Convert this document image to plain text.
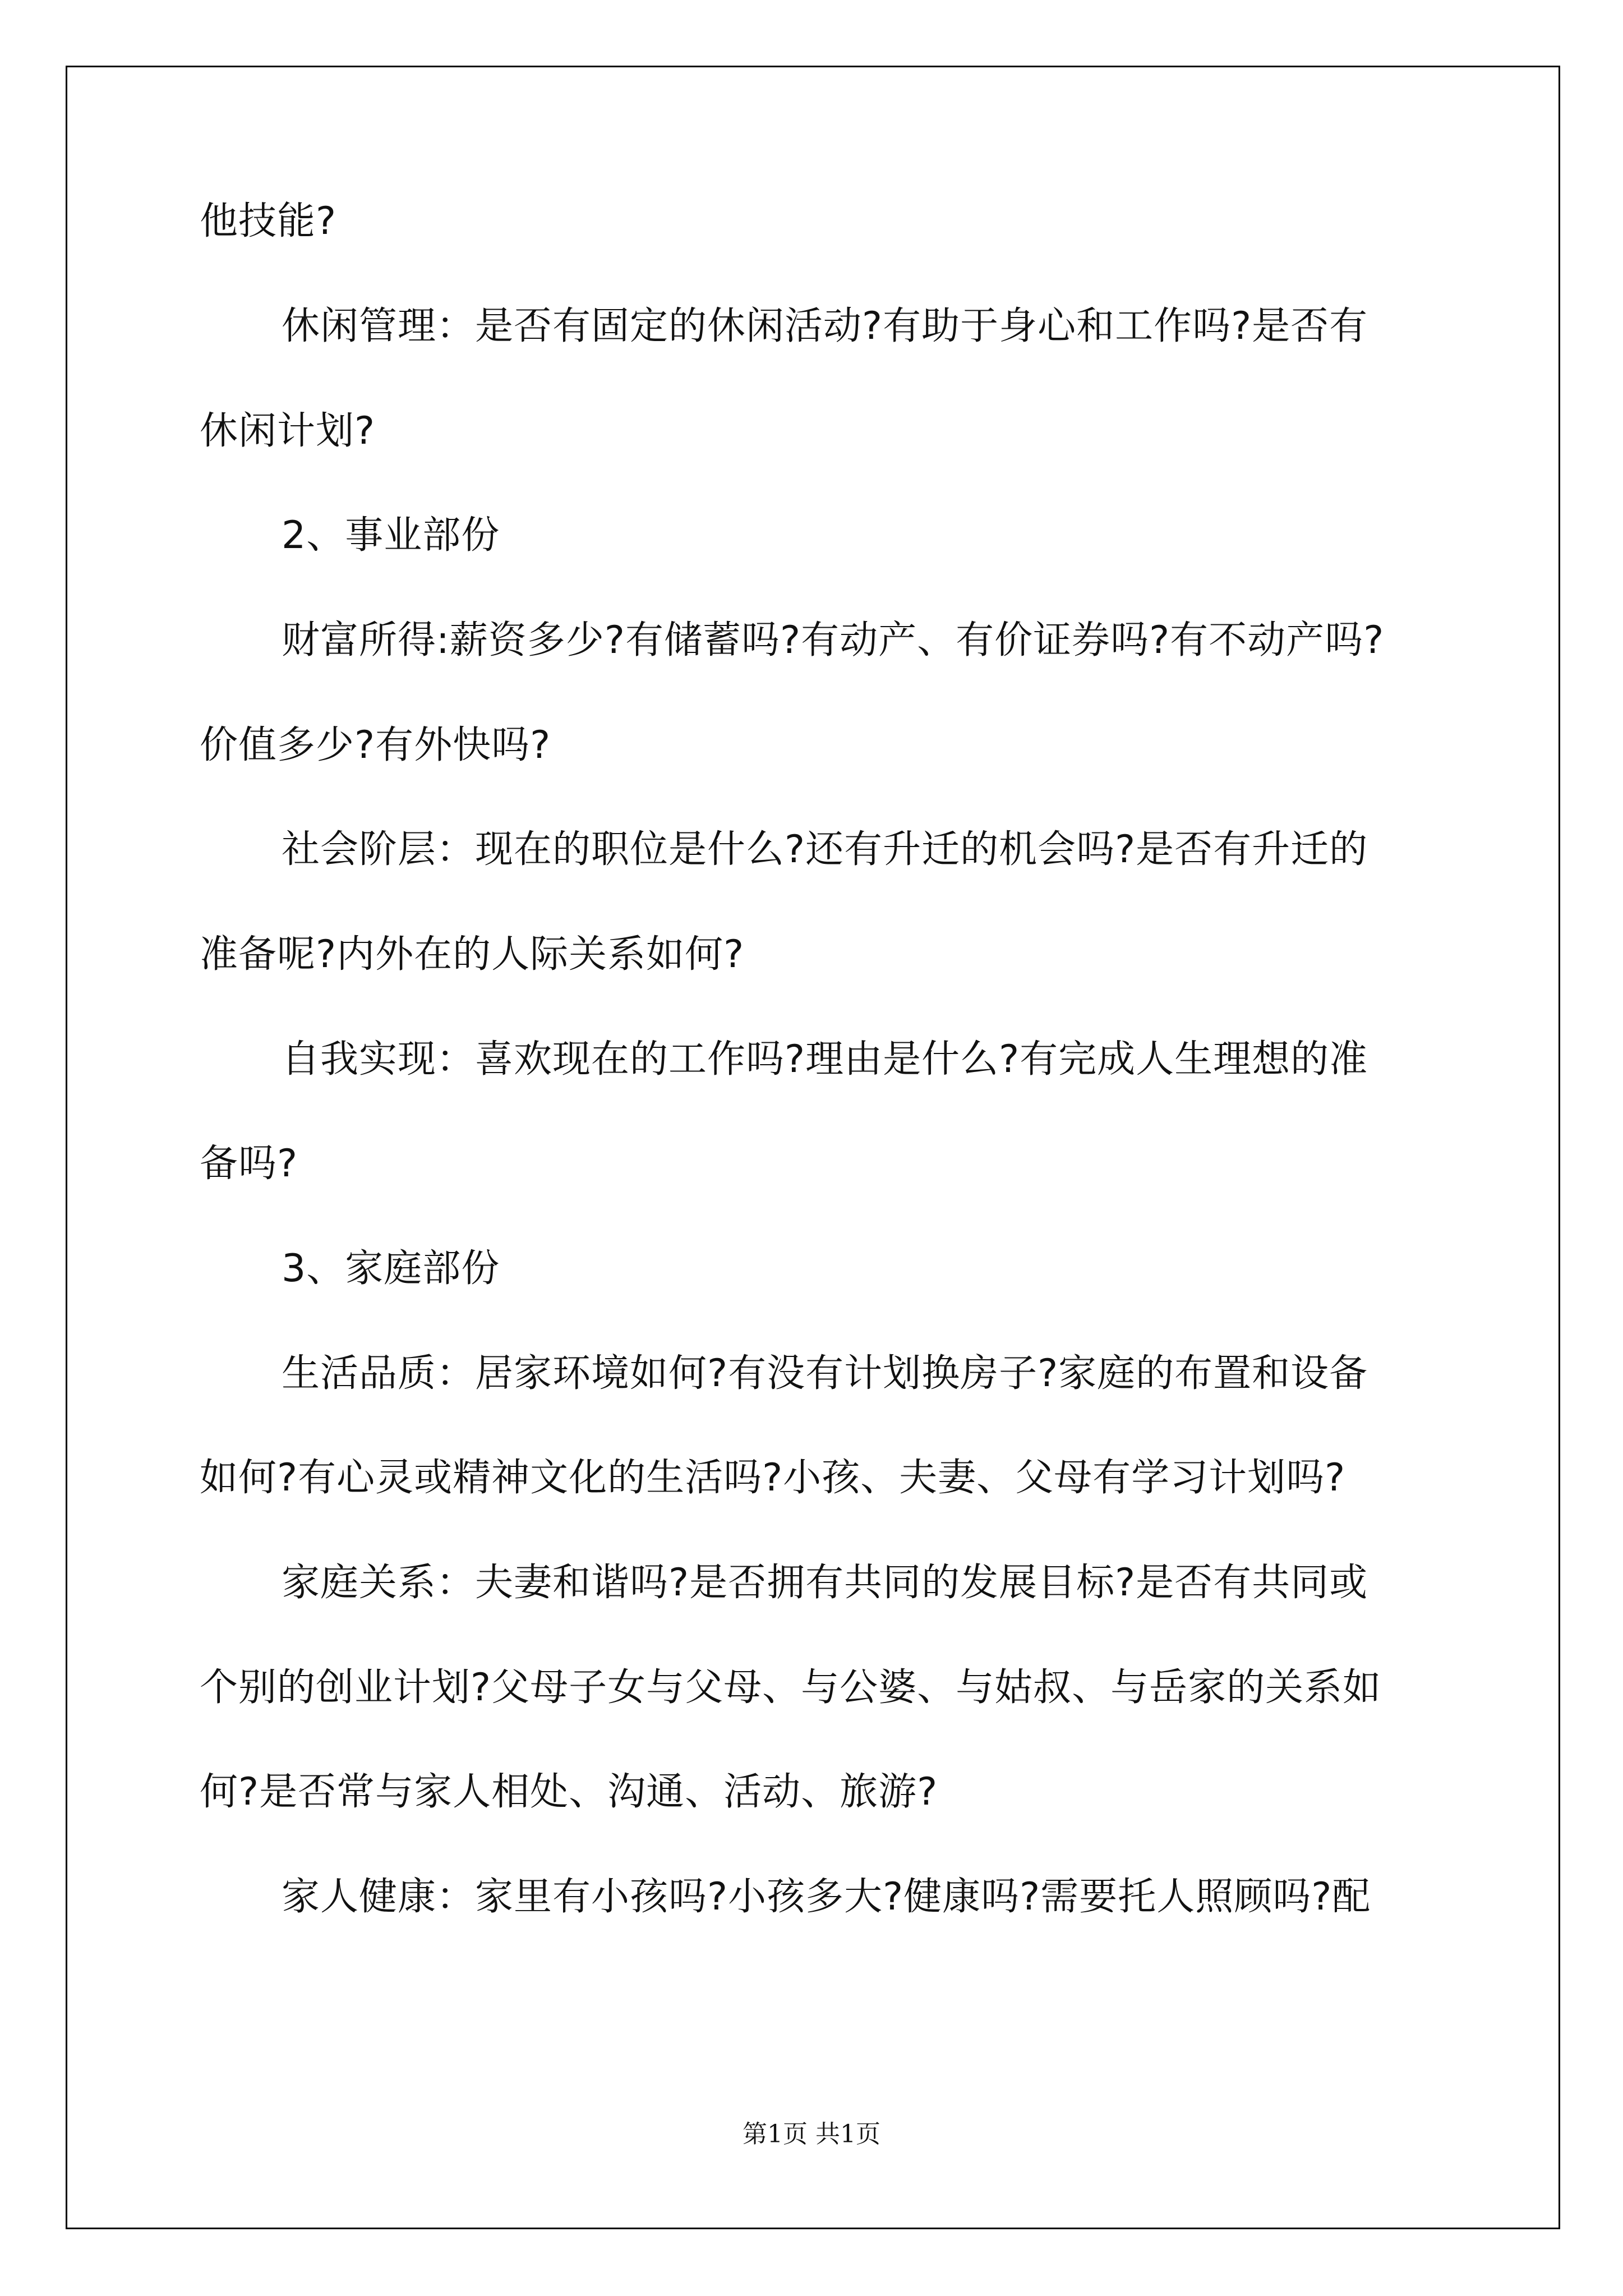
他技能?
休闲管理：是否有固定的休闲活动?有助于身心和工作吗?是否有
休闲计划?
2、事业部份
财富所得:薪资多少?有储蓄吗?有动产、有价证券吗?有不动产吗?
价值多少?有外快吗?
社会阶层：现在的职位是什么?还有升迁的机会吗?是否有升迁的
准备呢?内外在的人际关系如何?
自我实现：喜欢现在的工作吗?理由是什么?有完成人生理想的准
备吗?
3、家庭部份
生活品质：居家环境如何?有没有计划换房子?家庭的布置和设备
如何?有心灵或精神文化的生活吗?小孩、夫妻、父母有学习计划吗?
家庭关系：夫妻和谐吗?是否拥有共同的发展目标?是否有共同或
个别的创业计划?父母子女与父母、与公婆、与姑叔、与岳家的关系如
何?是否常与家人相处、沟通、活动、旅游?
家人健康：家里有小孩吗?小孩多大?健康吗?需要托人照顾吗?配
第1页 共1页
